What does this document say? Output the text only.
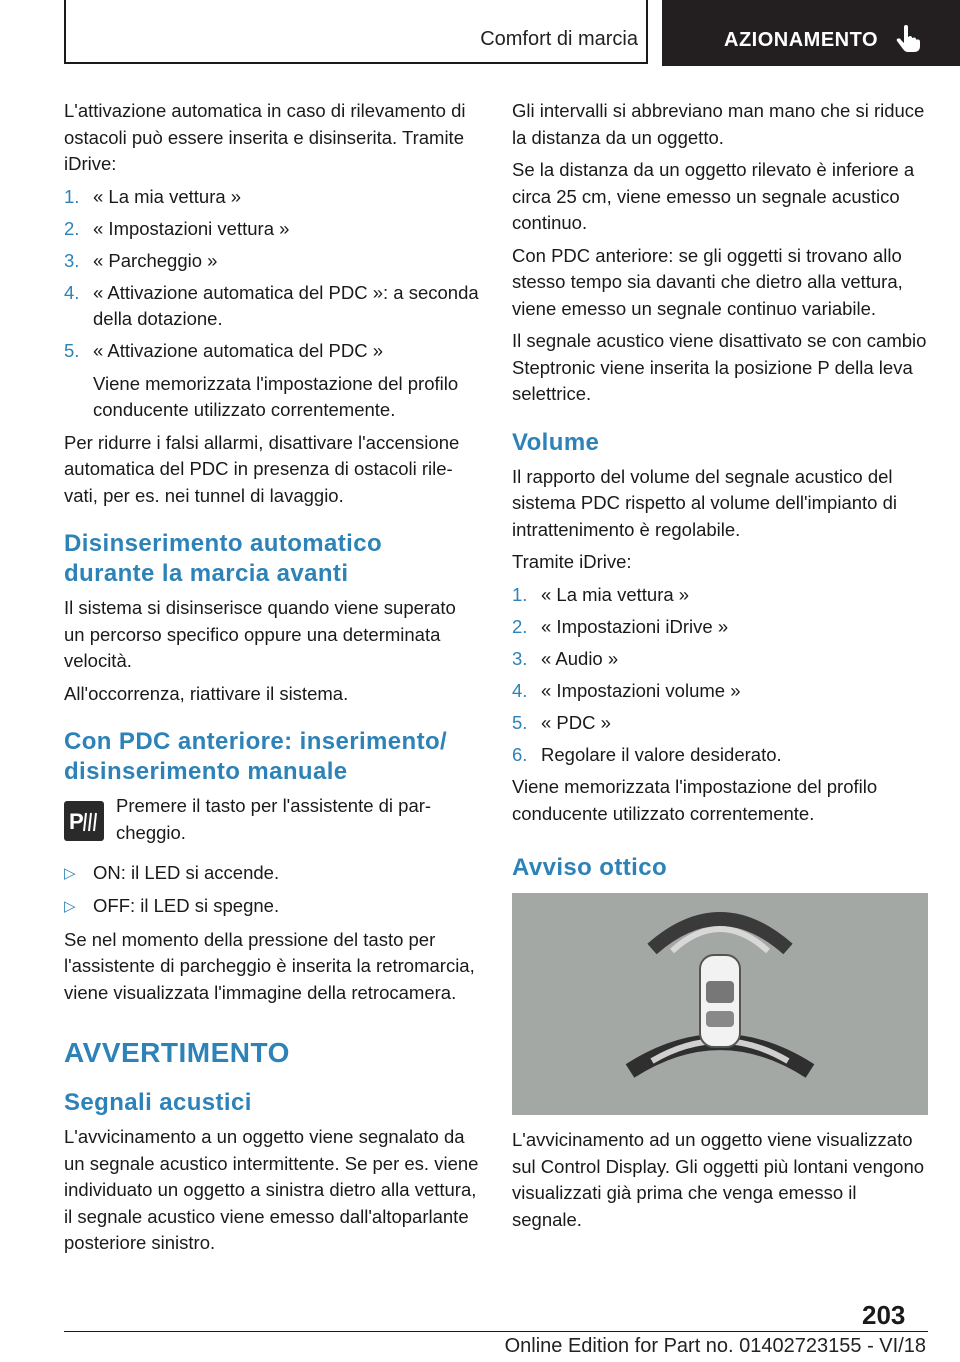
Comfort di marcia	AZIONAMENTO

L'attivazione automatica in caso di rilevamento di ostacoli può essere inserita e disinserita. Tramite iDrive:

1. « La mia vettura »
2. « Impostazioni vettura »
3. « Parcheggio »
4. « Attivazione automatica del PDC »: a seconda della dotazione.
5. « Attivazione automatica del PDC »

Viene memorizzata l'impostazione del profilo conducente utilizzato correntemente.

Per ridurre i falsi allarmi, disattivare l'accensione automatica del PDC in presenza di ostacoli rilevati, per es. nei tunnel di lavaggio.

Disinserimento automatico durante la marcia avanti

Il sistema si disinserisce quando viene superato un percorso specifico oppure una determinata velocità.

All'occorrenza, riattivare il sistema.

Con PDC anteriore: inserimento/ disinserimento manuale
P
Premere il tasto per l'assistente di parcheggio.
▷ ON: il LED si accende.
▷ OFF: il LED si spegne.

Se nel momento della pressione del tasto per l'assistente di parcheggio è inserita la retromarcia, viene visualizzata l'immagine della retrocamera.

AVVERTIMENTO
Segnali acustici

L'avvicinamento a un oggetto viene segnalato da un segnale acustico intermittente. Se per es. viene individuato un oggetto a sinistra dietro alla vettura, il segnale acustico viene emesso dall'altoparlante posteriore sinistro.

Gli intervalli si abbreviano man mano che si riduce la distanza da un oggetto.

Se la distanza da un oggetto rilevato è inferiore a circa 25 cm, viene emesso un segnale acustico continuo.

Con PDC anteriore: se gli oggetti si trovano allo stesso tempo sia davanti che dietro alla vettura, viene emesso un segnale continuo variabile.

Il segnale acustico viene disattivato se con cambio Steptronic viene inserita la posizione P della leva selettrice.

Volume

Il rapporto del volume del segnale acustico del sistema PDC rispetto al volume dell'impianto di intrattenimento è regolabile.

Tramite iDrive:

1. « La mia vettura »
2. « Impostazioni iDrive »
3. « Audio »
4. « Impostazioni volume »
5. « PDC »
6. Regolare il valore desiderato.

Viene memorizzata l'impostazione del profilo conducente utilizzato correntemente.

Avviso ottico

L'avvicinamento ad un oggetto viene visualizzato sul Control Display. Gli oggetti più lontani vengono visualizzati già prima che venga emesso il segnale.

203
Online Edition for Part no. 01402723155 - VI/18
